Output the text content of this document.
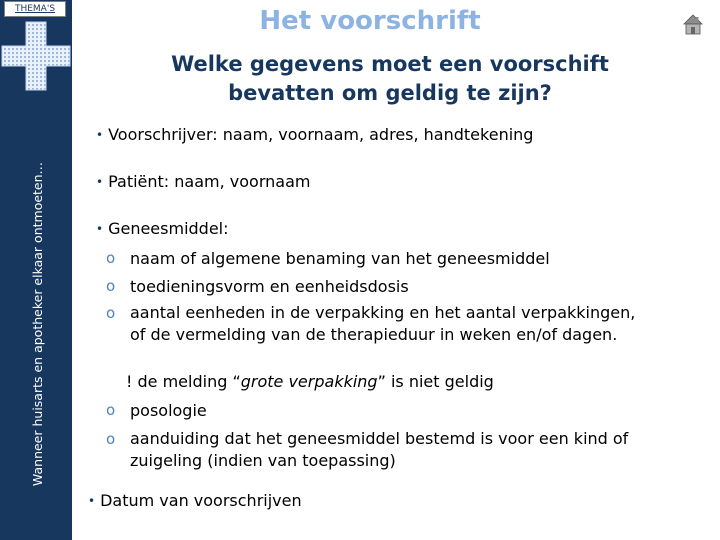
THEMA'S
Wanneer huisarts en apotheker elkaar ontmoeten…
Het voorschrift
Welke gegevens moet een voorschift
bevatten om geldig te zijn?
• Voorschrijver: naam, voornaam, adres, handtekening
• Patiënt: naam, voornaam
• Geneesmiddel:
o naam of algemene benaming van het geneesmiddel
o toedieningsvorm en eenheidsdosis
o aantal eenheden in de verpakking en het aantal verpakkingen, of de vermelding van de therapieduur in weken en/of dagen.
! de melding “grote verpakking” is niet geldig
o posologie
o aanduiding dat het geneesmiddel bestemd is voor een kind of zuigeling (indien van toepassing)
• Datum van voorschrijven
